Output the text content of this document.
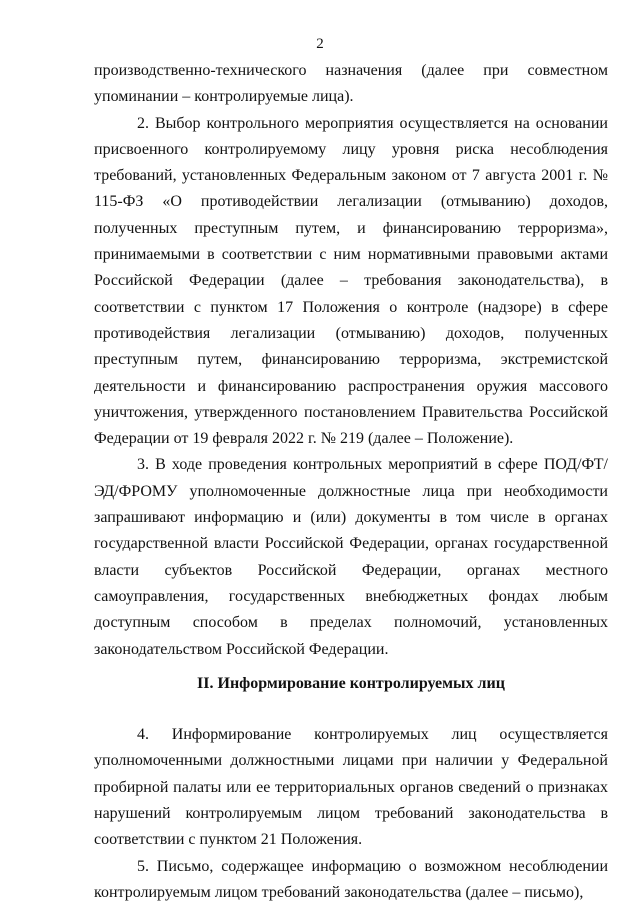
2

производственно-технического назначения (далее при совместном упоминании – контролируемые лица).

2. Выбор контрольного мероприятия осуществляется на основании присвоенного контролируемому лицу уровня риска несоблюдения требований, установленных Федеральным законом от 7 августа 2001 г. № 115-ФЗ «О противодействии легализации (отмыванию) доходов, полученных преступным путем, и финансированию терроризма», принимаемыми в соответствии с ним нормативными правовыми актами Российской Федерации (далее – требования законодательства), в соответствии с пунктом 17 Положения о контроле (надзоре) в сфере противодействия легализации (отмыванию) доходов, полученных преступным путем, финансированию терроризма, экстремистской деятельности и финансированию распространения оружия массового уничтожения, утвержденного постановлением Правительства Российской Федерации от 19 февраля 2022 г. № 219 (далее – Положение).

3. В ходе проведения контрольных мероприятий в сфере ПОД/ФТ/ЭД/ФРОМУ уполномоченные должностные лица при необходимости запрашивают информацию и (или) документы в том числе в органах государственной власти Российской Федерации, органах государственной власти субъектов Российской Федерации, органах местного самоуправления, государственных внебюджетных фондах любым доступным способом в пределах полномочий, установленных законодательством Российской Федерации.

II. Информирование контролируемых лиц

4. Информирование контролируемых лиц осуществляется уполномоченными должностными лицами при наличии у Федеральной пробирной палаты или ее территориальных органов сведений о признаках нарушений контролируемым лицом требований законодательства в соответствии с пунктом 21 Положения.

5. Письмо, содержащее информацию о возможном несоблюдении контролируемым лицом требований законодательства (далее – письмо),
